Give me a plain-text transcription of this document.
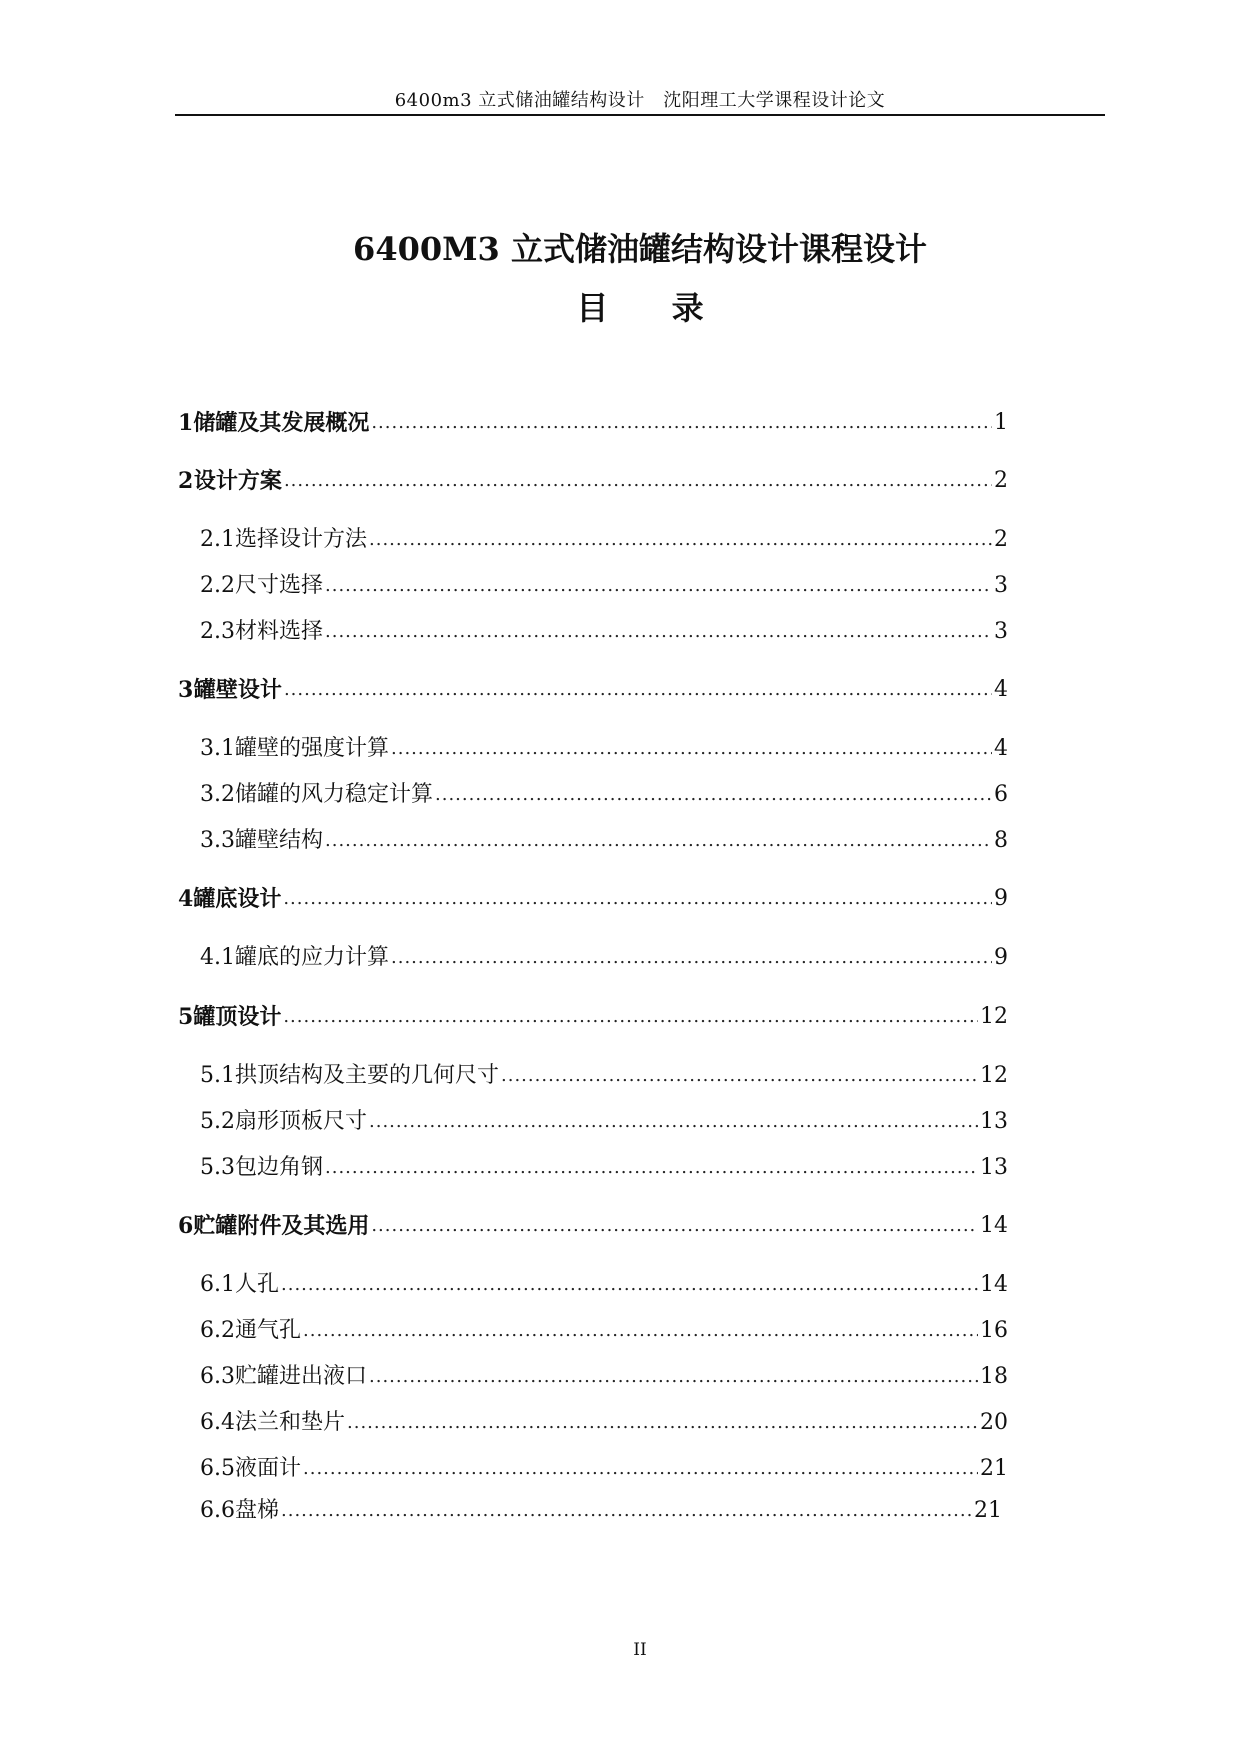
6400m3 立式储油罐结构设计　沈阳理工大学课程设计论文
6400M3 立式储油罐结构设计课程设计
目 录
1 储罐及其发展概况 .....	1
2 设计方案 .....	2
2.1 选择设计方法 .....	2
2.2 尺寸选择 .....	3
2.3 材料选择 .....	3
3 罐壁设计 .....	4
3.1 罐壁的强度计算 .....	4
3.2 储罐的风力稳定计算 .....	6
3.3 罐壁结构 .....	8
4 罐底设计 .....	9
4.1 罐底的应力计算 .....	9
5 罐顶设计 .....	12
5.1 拱顶结构及主要的几何尺寸 .....	12
5.2 扇形顶板尺寸 .....	13
5.3 包边角钢 .....	13
6 贮罐附件及其选用 .....	14
6.1 人孔 .....	14
6.2 通气孔 .....	16
6.3 贮罐进出液口 .....	18
6.4 法兰和垫片 .....	20
6.5 液面计 .....	21
6.6 盘梯 .....	21
II
